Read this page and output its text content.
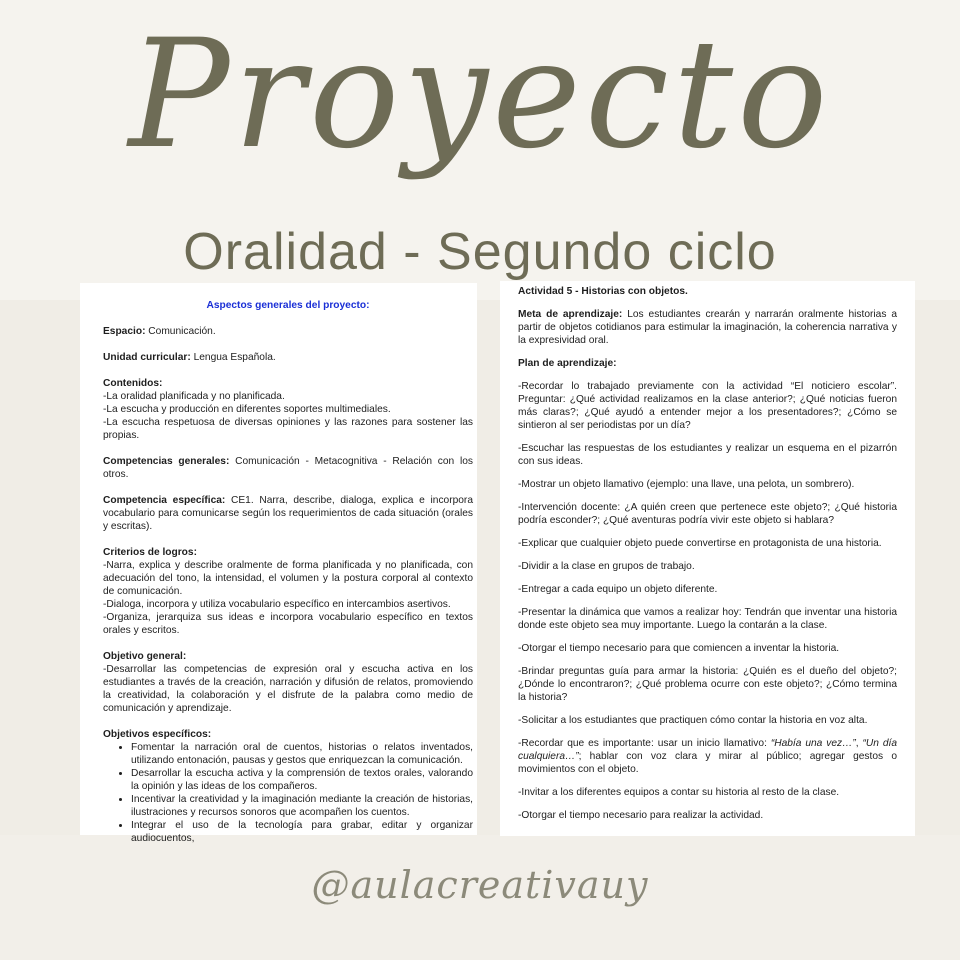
Proyecto
Oralidad - Segundo ciclo
Aspectos generales del proyecto:

Espacio: Comunicación.

Unidad curricular: Lengua Española.

Contenidos:
-La oralidad planificada y no planificada.
-La escucha y producción en diferentes soportes multimediales.
-La escucha respetuosa de diversas opiniones y las razones para sostener las propias.

Competencias generales: Comunicación - Metacognitiva - Relación con los otros.

Competencia específica: CE1. Narra, describe, dialoga, explica e incorpora vocabulario para comunicarse según los requerimientos de cada situación (orales y escritas).

Criterios de logros:
-Narra, explica y describe oralmente de forma planificada y no planificada, con adecuación del tono, la intensidad, el volumen y la postura corporal al contexto de comunicación.
-Dialoga, incorpora y utiliza vocabulario específico en intercambios asertivos.
-Organiza, jerarquiza sus ideas e incorpora vocabulario específico en textos orales y escritos.
Objetivo general:
-Desarrollar las competencias de expresión oral y escucha activa en los estudiantes a través de la creación, narración y difusión de relatos, promoviendo la creatividad, la colaboración y el disfrute de la palabra como medio de comunicación y aprendizaje.
Objetivos específicos:
• Fomentar la narración oral de cuentos, historias o relatos inventados, utilizando entonación, pausas y gestos que enriquezcan la comunicación.
• Desarrollar la escucha activa y la comprensión de textos orales, valorando la opinión y las ideas de los compañeros.
• Incentivar la creatividad y la imaginación mediante la creación de historias, ilustraciones y recursos sonoros que acompañen los cuentos.
• Integrar el uso de la tecnología para grabar, editar y organizar audiocuentos,

Actividad 5 - Historias con objetos.

Meta de aprendizaje: Los estudiantes crearán y narrarán oralmente historias a partir de objetos cotidianos para estimular la imaginación, la coherencia narrativa y la expresividad oral.

Plan de aprendizaje:

-Recordar lo trabajado previamente con la actividad “El noticiero escolar”. Preguntar: ¿Qué actividad realizamos en la clase anterior?; ¿Qué noticias fueron más claras?; ¿Qué ayudó a entender mejor a los presentadores?; ¿Cómo se sintieron al ser periodistas por un día?

-Escuchar las respuestas de los estudiantes y realizar un esquema en el pizarrón con sus ideas.

-Mostrar un objeto llamativo (ejemplo: una llave, una pelota, un sombrero).

-Intervención docente: ¿A quién creen que pertenece este objeto?; ¿Qué historia podría esconder?; ¿Qué aventuras podría vivir este objeto si hablara?

-Explicar que cualquier objeto puede convertirse en protagonista de una historia.

-Dividir a la clase en grupos de trabajo.

-Entregar a cada equipo un objeto diferente.

-Presentar la dinámica que vamos a realizar hoy: Tendrán que inventar una historia donde este objeto sea muy importante. Luego la contarán a la clase.

-Otorgar el tiempo necesario para que comiencen a inventar la historia.

-Brindar preguntas guía para armar la historia: ¿Quién es el dueño del objeto?; ¿Dónde lo encontraron?; ¿Qué problema ocurre con este objeto?; ¿Cómo termina la historia?

-Solicitar a los estudiantes que practiquen cómo contar la historia en voz alta.

-Recordar que es importante: usar un inicio llamativo: “Había una vez…”, “Un día cualquiera…”; hablar con voz clara y mirar al público; agregar gestos o movimientos con el objeto.

-Invitar a los diferentes equipos a contar su historia al resto de la clase.

-Otorgar el tiempo necesario para realizar la actividad.

@aulacreativauy
